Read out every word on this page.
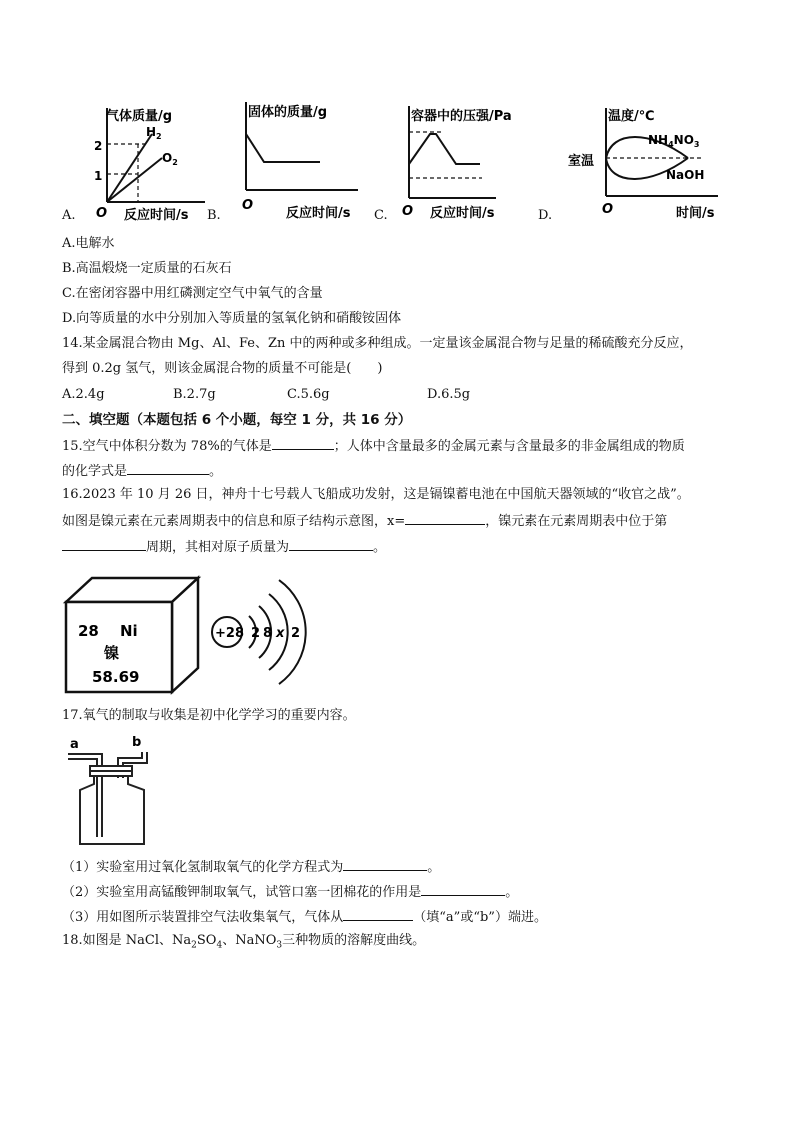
A.
气体质量/g
2
1
$H_2$
$O_2$
O 反应时间/s B.
固体的质量/g
O
反应时间/s C.
容器中的压强/Pa
O 反应时间/s	D.
温度/℃
室温
$NH_4NO_3$
NaOH
O	时间/s
A.电解水
B.高温煅烧一定质量的石灰石
C.在密闭容器中用红磷测定空气中氧气的含量
D.向等质量的水中分别加入等质量的氢氧化钠和硝酸铵固体
14.某金属混合物由 Mg、Al、Fe、Zn 中的两种或多种组成。一定量该金属混合物与足量的稀硫酸充分反应，
得到 0.2g 氢气，则该金属混合物的质量不可能是(　　)
A.2.4g	B.2.7g	C.5.6g	D.6.5g
二、填空题（本题包括 6 个小题，每空 1 分，共 16 分）
15.空气中体积分数为 78%的气体是	；人体中含量最多的金属元素与含量最多的非金属组成的物质
的化学式是	。
16.2023 年 10 月 26 日，神舟十七号载人飞船成功发射，这是镉镍蓄电池在中国航天器领域的“收官之战”。
如图是镍元素在元素周期表中的信息和原子结构示意图，x=	，镍元素在元素周期表中位于第
周期，其相对原子质量为	。
28 Ni
镍
58.69
+28 2 8 x 2
17.氧气的制取与收集是初中化学学习的重要内容。
a	b
（1）实验室用过氧化氢制取氧气的化学方程式为	。
（2）实验室用高锰酸钾制取氧气，试管口塞一团棉花的作用是	。
（3）用如图所示装置排空气法收集氧气，气体从	（填“a”或“b”）端进。
18.如图是 NaCl、$Na_2SO_4$、NaNO$_3$三种物质的溶解度曲线。
